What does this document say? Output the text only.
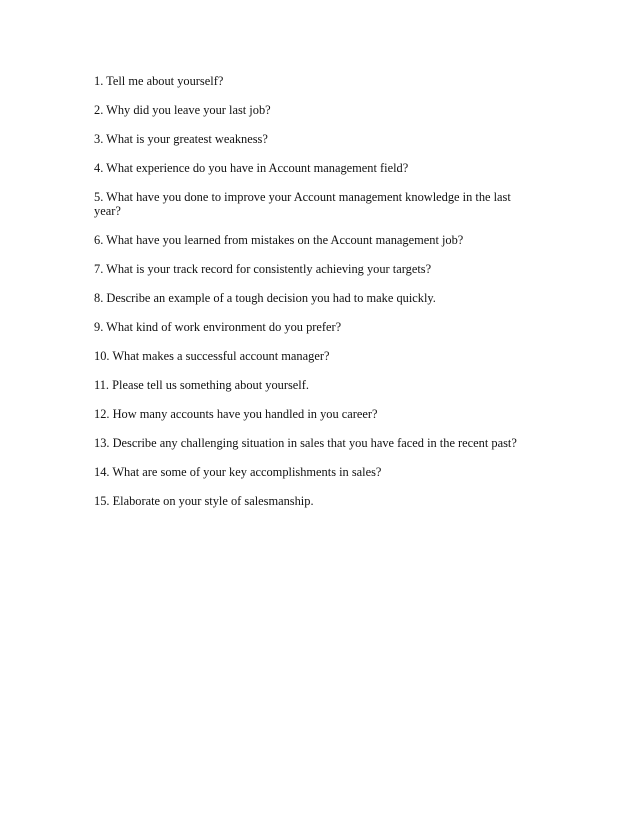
1. Tell me about yourself?
2. Why did you leave your last job?
3. What is your greatest weakness?
4. What experience do you have in Account management field?
5. What have you done to improve your Account management knowledge in the last year?
6. What have you learned from mistakes on the Account management job?
7. What is your track record for consistently achieving your targets?
8. Describe an example of a tough decision you had to make quickly.
9. What kind of work environment do you prefer?
10. What makes a successful account manager?
11. Please tell us something about yourself.
12. How many accounts have you handled in you career?
13. Describe any challenging situation in sales that you have faced in the recent past?
14. What are some of your key accomplishments in sales?
15. Elaborate on your style of salesmanship.
